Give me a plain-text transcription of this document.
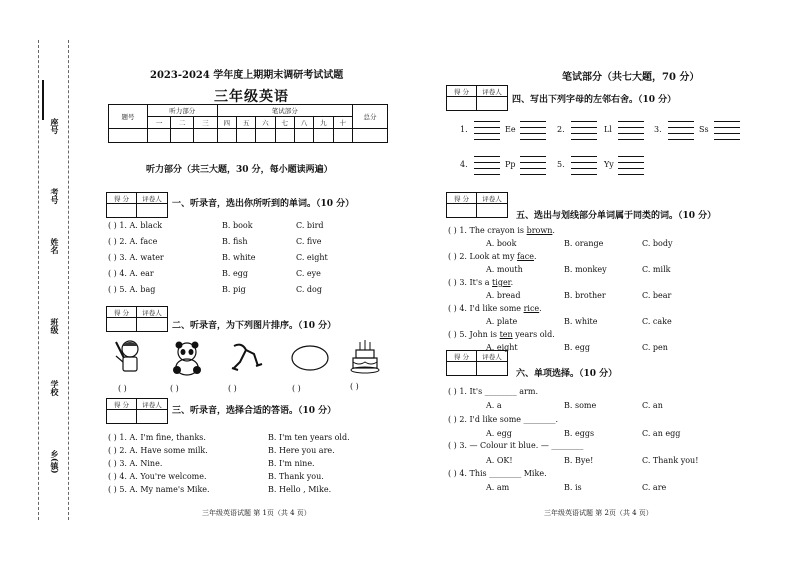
座号
考号
姓名
班级
学校
乡(镇)
2023-2024 学年度上期期末调研考试试题
三年级英语
题号	听力部分			笔试部分							总分
	一	二	三	四	五	六	七	八	九	十	

听力部分（共三大题，30 分，每小题读两遍）
得 分	评卷人
一、听录音，选出你所听到的单词。（10 分）
( ) 1. A. black	B. book	C. bird
( ) 2. A. face	B. fish	C. five
( ) 3. A. water	B. white	C. eight
( ) 4. A. ear	B. egg	C. eye
( ) 5. A. bag	B. pig	C. dog
得 分	评卷人
二、听录音，为下列图片排序。（10 分）
( )	( )	( )	( )	( )
得 分	评卷人
三、听录音，选择合适的答语。（10 分）
( ) 1. A. I'm fine, thanks.	B. I'm ten years old.
( ) 2. A. Have some milk.	B. Here you are.
( ) 3. A. Nine.	B. I'm nine.
( ) 4. A. You're welcome.	B. Thank you.
( ) 5. A. My name's Mike.	B. Hello , Mike.
三年级英语试题 第 1页（共 4 页）
笔试部分（共七大题，70 分）
得 分	评卷人
四、写出下列字母的左邻右舍。（10 分）
1.	Ee	2.	Ll	3.	Ss
4.	Pp	5.	Yy
得 分	评卷人
五、选出与划线部分单词属于同类的词。（10 分）
( ) 1. The crayon is brown.
A. book	B. orange	C. body
( ) 2. Look at my face.
A. mouth	B. monkey	C. milk
( ) 3. It's a tiger.
A. bread	B. brother	C. bear
( ) 4. I'd like some rice.
A. plate	B. white	C. cake
( ) 5. John is ten years old.
A. eight	B. egg	C. pen
得 分	评卷人
六、单项选择。（10 分）
( ) 1. It's ________ arm.
A. a	B. some	C. an
( ) 2. I'd like some ________.
A. egg	B. eggs	C. an egg
( ) 3. — Colour it blue. — ________
A. OK!	B. Bye!	C. Thank you!
( ) 4. This ________ Mike.
A. am	B. is	C. are
三年级英语试题 第 2页（共 4 页）
